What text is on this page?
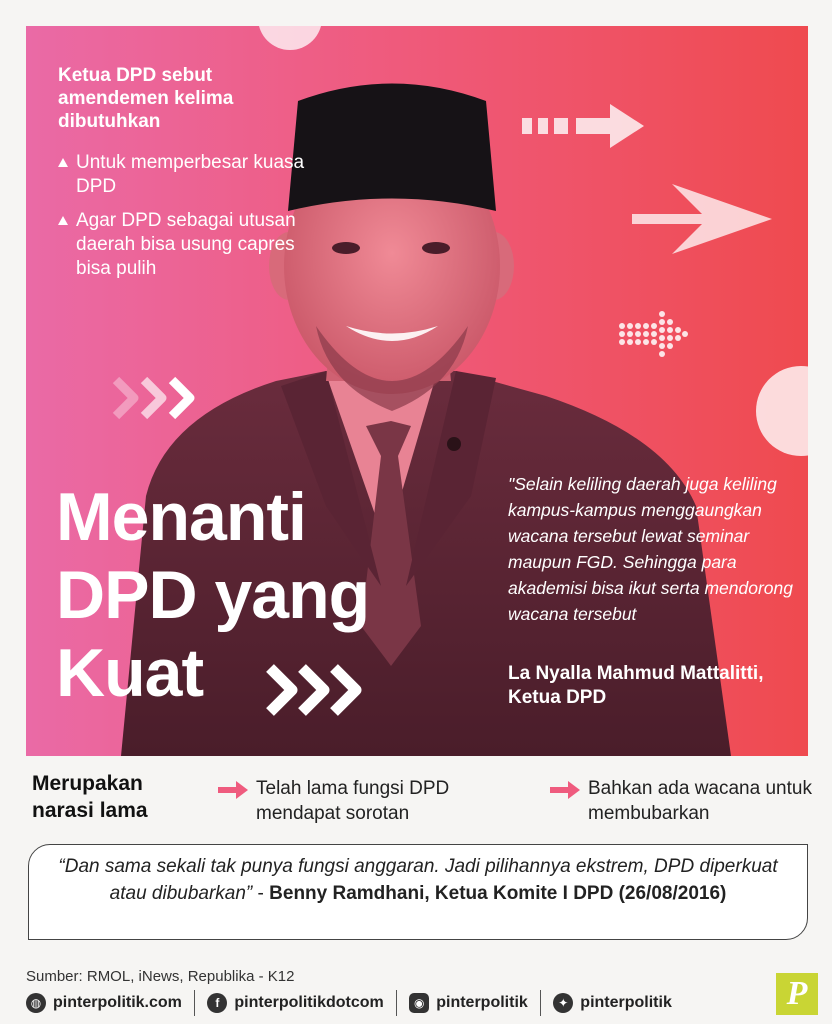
Ketua DPD sebut amendemen kelima dibutuhkan
Untuk memperbesar kuasa DPD
Agar DPD sebagai utusan daerah bisa usung capres bisa pulih
Menanti
DPD yang
Kuat
"Selain keliling daerah juga keliling kampus-kampus menggaungkan wacana tersebut lewat seminar maupun FGD. Sehingga para akademisi bisa ikut serta mendorong wacana tersebut
La Nyalla Mahmud Mattalitti, Ketua DPD
Merupakan narasi lama
Telah lama fungsi DPD mendapat sorotan
Bahkan ada wacana untuk membubarkan
“Dan sama sekali tak punya fungsi anggaran. Jadi pilihannya ekstrem, DPD diperkuat atau dibubarkan” - Benny Ramdhani, Ketua Komite I DPD (26/08/2016)
Sumber: RMOL, iNews, Republika - K12
◍ pinterpolitik.com	f pinterpolitikdotcom	◉ pinterpolitik	✦ pinterpolitik	P
